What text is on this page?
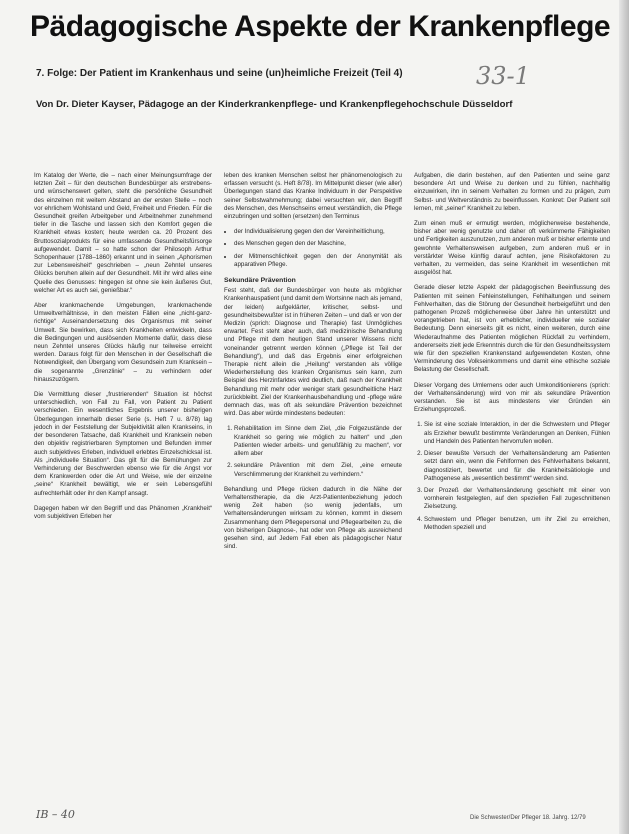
Pädagogische Aspekte der Krankenpflege
7. Folge: Der Patient im Krankenhaus und seine (un)heimliche Freizeit (Teil 4)	33-1
Von Dr. Dieter Kayser, Pädagoge an der Kinderkrankenpflege- und Krankenpflegehochschule Düsseldorf

Im Katalog der Werte, die – nach einer Meinungsumfrage der letzten Zeit – für den deutschen Bundesbürger als erstrebens- und wünschenswert gelten, steht die persönliche Gesundheit des einzelnen mit weitem Abstand an der ersten Stelle – noch vor ehrlichem Wohlstand und Geld, Freiheit und Frieden. Für die Gesundheit greifen Arbeitgeber und Arbeitnehmer zunehmend tiefer in die Tasche und lassen sich den Komfort gegen die Krankheit etwas kosten; heute werden ca. 20 Prozent des Bruttosozialprodukts für eine umfassende Gesundheitsfürsorge aufgewendet. Damit – so hatte schon der Philosoph Arthur Schopenhauer (1788–1860) erkannt und in seinen „Aphorismen zur Lebensweisheit“ geschrieben – „neun Zehntel unseres Glücks beruhen allein auf der Gesundheit. Mit ihr wird alles eine Quelle des Genusses: hingegen ist ohne sie kein äußeres Gut, welcher Art es auch sei, genießbar.“

Aber krankmachende Umgebungen, krankmachende Umweltverhältnisse, in den meisten Fällen eine „nicht-ganz-richtige“ Auseinandersetzung des Organismus mit seiner Umwelt. Sie bewirken, dass sich Krankheiten entwickeln, dass die Bedingungen und auslösenden Momente dafür, dass diese neun Zehntel unseres Glücks häufig nur teilweise erreicht werden. Daraus folgt für den Menschen in der Gesellschaft die Notwendigkeit, den Übergang vom Gesundsein zum Kranksein – die sogenannte „Grenzlinie“ – zu verhindern oder hinauszuzögern.

Die Vermittlung dieser „frustrierenden“ Situation ist höchst unterschiedlich, von Fall zu Fall, von Patient zu Patient verschieden. Ein wesentliches Ergebnis unserer bisherigen Überlegungen innerhalb dieser Serie (s. Heft 7 u. 8/78) lag jedoch in der Feststellung der Subjektivität allen Krankseins, in der besonderen Tatsache, daß Krankheit und Kranksein neben den objektiv registrierbaren Symptomen und Befunden immer auch subjektives Erleben, individuell erlebtes Einzelschicksal ist. Als „individuelle Situation“. Das gilt für die Bemühungen zur Verhinderung der Beschwerden ebenso wie für die Angst vor dem Krankwerden oder die Art und Weise, wie der einzelne „seine“ Krankheit bewältigt, wie er sein Lebensgefühl aufrechterhält oder ihr den Kampf ansagt.

Dagegen haben wir den Begriff und das Phänomen „Krankheit“ vom subjektiven Erleben her

leben des kranken Menschen selbst her phänomenologisch zu erfassen versucht (s. Heft 8/78). Im Mittelpunkt dieser (wie aller) Überlegungen stand das Kranke Individuum in der Perspektive seiner Selbstwahrnehmung; dabei versuchten wir, den Begriff des Menschen, des Menschseins erneut verständlich, die Pflege einzubringen und sollten (ersetzen) den Terminus

• der Individualisierung gegen den der Vereinheitlichung,
• des Menschen gegen den der Maschine,
• der Mitmenschlichkeit gegen den der Anonymität als apparativen Pflege.
Sekundäre Prävention

Fest steht, daß der Bundesbürger von heute als möglicher Krankenhauspatient (und damit dem Wortsinne nach als jemand, der leiden) aufgeklärter, kritischer, selbst- und gesundheitsbewußter ist in früheren Zeiten – und daß er von der Medizin (sprich: Diagnose und Therapie) fast Unmögliches erwartet. Fest steht aber auch, daß medizinische Behandlung und Pflege mit dem heutigen Stand unserer Wissens nicht voneinander getrennt werden können („Pflege ist Teil der Behandlung“), und daß das Ergebnis einer erfolgreichen Therapie nicht allein die „Heilung“ verstanden als völlige Wiederherstellung des kranken Organismus sein kann, zum Beispiel des Herzinfarktes wird deutlich, daß nach der Krankheit Behandlung mit mehr oder weniger stark gesundheitliche Harz zurückbleibt. Ziel der Krankenhausbehandlung und -pflege wäre demnach das, was oft als sekundäre Prävention bezeichnet wird. Das aber würde mindestens bedeuten:

1. Rehabilitation im Sinne dem Ziel, „die Folgezustände der Krankheit so gering wie möglich zu halten“ und „den Patienten wieder arbeits- und genußfähig zu machen“, vor allem aber
2. sekundäre Prävention mit dem Ziel, „eine erneute Verschlimmerung der Krankheit zu verhindern.“

Behandlung und Pflege rücken dadurch in die Nähe der Verhaltenstherapie, da die Arzt-Patientenbeziehung jedoch wenig Zeit haben (so wenig jedenfalls, um Verhaltensänderungen wirksam zu können, kommt in diesem Zusammenhang dem Pflegepersonal und Pflegearbeiten zu, die von bisherigen Diagnose-, hat oder von Pflege als ausreichend gesehen sind, auf Jedem Fall eben als pädagogischer Natur sind.

Aufgaben, die darin bestehen, auf den Patienten und seine ganz besondere Art und Weise zu denken und zu fühlen, nachhaltig einzuwirken, ihn in seinem Verhalten zu formen und zu prägen, zum Selbst- und Weltverständnis zu beeinflussen. Konkret: Der Patient soll lernen, mit „seiner“ Krankheit zu leben.

Zum einen muß er ermutigt werden, möglicherweise bestehende, bisher aber wenig genutzte und daher oft verkümmerte Fähigkeiten und Fertigkeiten auszunutzen, zum anderen muß er bisher erlernte und gewohnte Verhaltensweisen aufgeben, zum anderen muß er in verstärkter Weise künftig darauf achten, jene Risikofaktoren zu verhalten, zu vermeiden, das seine Krankheit im wesentlichen mit ausgelöst hat.

Gerade dieser letzte Aspekt der pädagogischen Beeinflussung des Patienten mit seinen Fehleinstellungen, Fehlhaltungen und seinem Fehlverhalten, das die Störung der Gesundheit herbeigeführt und den pathogenen Prozeß möglicherweise über Jahre hin unterstützt und vorangetrieben hat, ist von erheblicher, individueller wie sozialer Bedeutung. Denn einerseits gilt es nicht, einen weiteren, durch eine Wiederaufnahme des Patienten möglichen Rückfall zu verhindern, andererseits zielt jede Erkenntnis durch die für den Gesundheitssystem wie für den speziellen Krankenstand aufgewendeten Kosten, ohne Verminderung des Volkseinkommens und damit eine ethische soziale Belastung der Gesellschaft.

Dieser Vorgang des Umlernens oder auch Umkonditionierens (sprich: der Verhaltensänderung) wird von mir als sekundäre Prävention verstanden. Sie ist aus mindestens vier Gründen ein Erziehungsprozeß.

1. Sie ist eine soziale Interaktion, in der die Schwestern und Pfleger als Erzieher bewußt bestimmte Veränderungen an Denken, Fühlen und Handeln des Patienten hervorrufen wollen.
2. Dieser bewußte Versuch der Verhaltensänderung am Patienten setzt dann ein, wenn die Fehlformen des Fehlverhaltens bekannt, diagnostiziert, bewertet und für die Krankheitsätiologie und Pathogenese als „wesentlich bestimmt“ werden sind.
3. Der Prozeß der Verhaltensänderung geschieht mit einer von vornherein festgelegten, auf den speziellen Fall zugeschnittenen Zielsetzung.
4. Schwestern und Pfleger benutzen, um ihr Ziel zu erreichen, Methoden speziell und
IB – 40	Die Schwester/Der Pfleger 18. Jahrg. 12/79
